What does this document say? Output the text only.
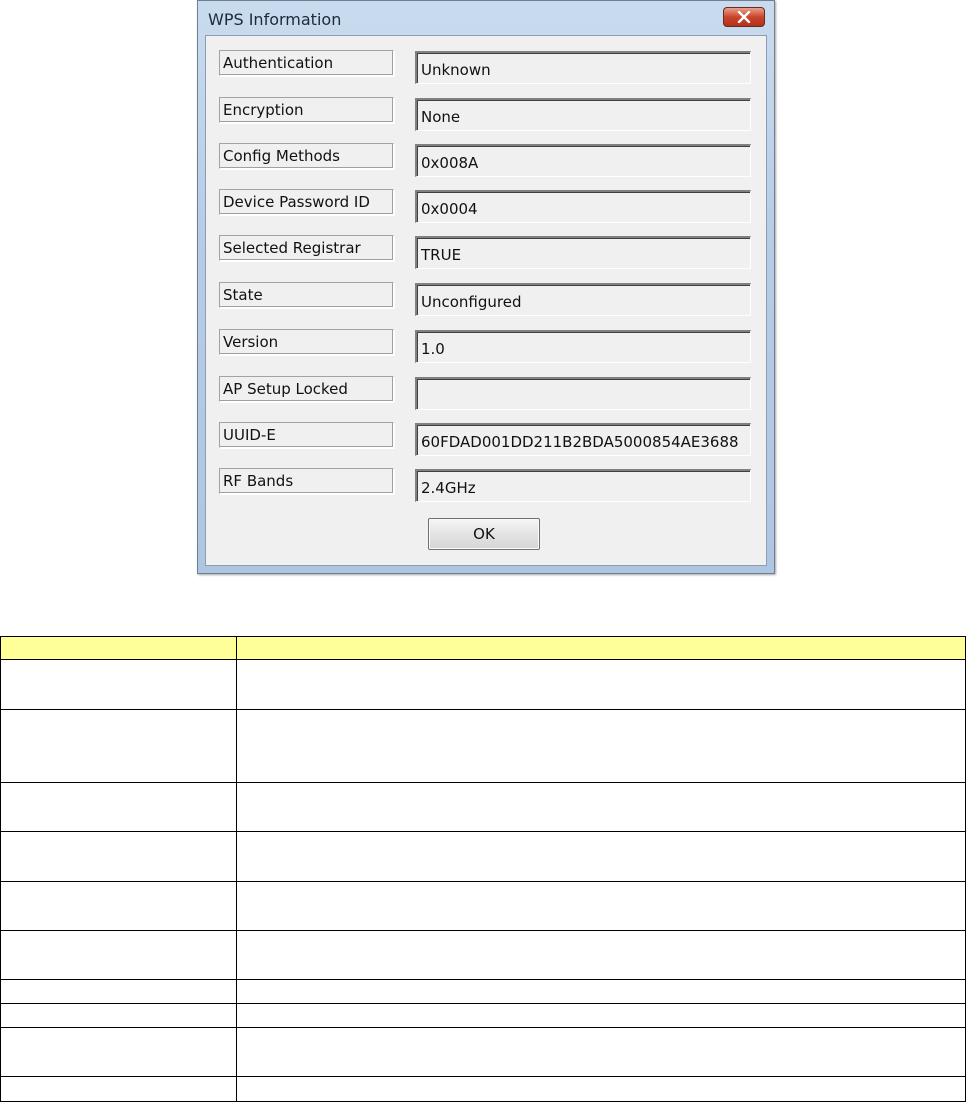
WPS Information
Authentication	Unknown
Encryption	None
Config Methods	0x008A
Device Password ID	0x0004
Selected Registrar	TRUE
State	Unconfigured
Version	1.0
AP Setup Locked
UUID-E	60FDAD001DD211B2BDA5000854AE3688
RF Bands	2.4GHz
OK
